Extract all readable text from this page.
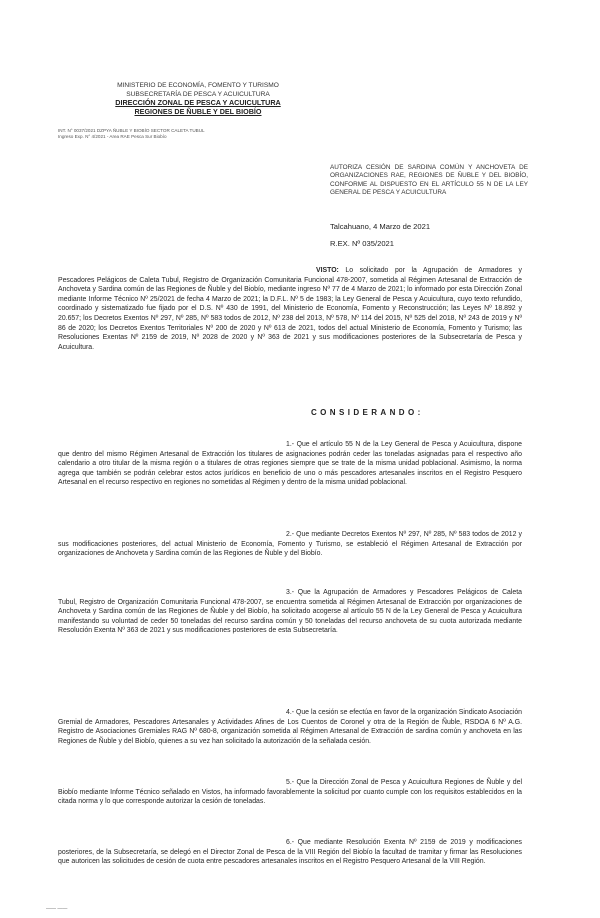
MINISTERIO DE ECONOMÍA, FOMENTO Y TURISMO
SUBSECRETARÍA DE PESCA Y ACUICULTURA
DIRECCIÓN ZONAL DE PESCA Y ACUICULTURA
REGIONES DE ÑUBLE Y DEL BIOBÍO
INT. N° 0037/2021 DZPYA ÑUBLE Y BIOBÍO SECTOR CALETA TUBUL
Ingreso Exp. N° 4/2021 - Area RAE Pesca Sur Biobío
AUTORIZA CESIÓN DE SARDINA COMÚN Y ANCHOVETA DE ORGANIZACIONES RAE, REGIONES DE ÑUBLE Y DEL BIOBÍO, CONFORME AL DISPUESTO EN EL ARTÍCULO 55 N DE LA LEY GENERAL DE PESCA Y ACUICULTURA
Talcahuano, 4 Marzo de 2021
R.EX. Nº 035/2021
VISTO: Lo solicitado por la Agrupación de Armadores y Pescadores Pelágicos de Caleta Tubul, Registro de Organización Comunitaria Funcional 478-2007, sometida al Régimen Artesanal de Extracción de Anchoveta y Sardina común de las Regiones de Ñuble y del Biobío, mediante ingreso Nº 77 de 4 Marzo de 2021; lo informado por esta Dirección Zonal mediante Informe Técnico Nº 25/2021 de fecha 4 Marzo de 2021; la D.F.L. Nº 5 de 1983; la Ley General de Pesca y Acuicultura, cuyo texto refundido, coordinado y sistematizado fue fijado por el D.S. Nº 430 de 1991, del Ministerio de Economía, Fomento y Reconstrucción; las Leyes Nº 18.892 y 20.657; los Decretos Exentos Nº 297, Nº 285, Nº 583 todos de 2012, Nº 238 del 2013, Nº 578, Nº 114 del 2015, Nº 525 del 2018, Nº 243 de 2019 y Nº 86 de 2020; los Decretos Exentos Territoriales Nº 200 de 2020 y Nº 613 de 2021, todos del actual Ministerio de Economía, Fomento y Turismo; las Resoluciones Exentas Nº 2159 de 2019, Nº 2028 de 2020 y Nº 363 de 2021 y sus modificaciones posteriores de la Subsecretaría de Pesca y Acuicultura.
CONSIDERANDO:
1.- Que el artículo 55 N de la Ley General de Pesca y Acuicultura, dispone que dentro del mismo Régimen Artesanal de Extracción los titulares de asignaciones podrán ceder las toneladas asignadas para el respectivo año calendario a otro titular de la misma región o a titulares de otras regiones siempre que se trate de la misma unidad poblacional. Asimismo, la norma agrega que también se podrán celebrar estos actos jurídicos en beneficio de uno o más pescadores artesanales inscritos en el Registro Pesquero Artesanal en el recurso respectivo en regiones no sometidas al Régimen y dentro de la misma unidad poblacional.
2.- Que mediante Decretos Exentos Nº 297, Nº 285, Nº 583 todos de 2012 y sus modificaciones posteriores, del actual Ministerio de Economía, Fomento y Turismo, se estableció el Régimen Artesanal de Extracción por organizaciones de Anchoveta y Sardina común de las Regiones de Ñuble y del Biobío.
3.- Que la Agrupación de Armadores y Pescadores Pelágicos de Caleta Tubul, Registro de Organización Comunitaria Funcional 478-2007, se encuentra sometida al Régimen Artesanal de Extracción por organizaciones de Anchoveta y Sardina común de las Regiones de Ñuble y del Biobío, ha solicitado acogerse al artículo 55 N de la Ley General de Pesca y Acuicultura manifestando su voluntad de ceder 50 toneladas del recurso sardina común y 50 toneladas del recurso anchoveta de su cuota autorizada mediante Resolución Exenta Nº 363 de 2021 y sus modificaciones posteriores de esta Subsecretaría.
4.- Que la cesión se efectúa en favor de la organización Sindicato Asociación Gremial de Armadores, Pescadores Artesanales y Actividades Afines de Los Cuentos de Coronel y otra de la Región de Ñuble, RSDOA 6 Nº A.G. Registro de Asociaciones Gremiales RAG Nº 680-8, organización sometida al Régimen Artesanal de Extracción de sardina común y anchoveta en las Regiones de Ñuble y del Biobío, quienes a su vez han solicitado la autorización de la señalada cesión.
5.- Que la Dirección Zonal de Pesca y Acuicultura Regiones de Ñuble y del Biobío mediante Informe Técnico señalado en Vistos, ha informado favorablemente la solicitud por cuanto cumple con los requisitos establecidos en la citada norma y lo que corresponde autorizar la cesión de toneladas.
6.- Que mediante Resolución Exenta Nº 2159 de 2019 y modificaciones posteriores, de la Subsecretaría, se delegó en el Director Zonal de Pesca de la VIII Región del Biobío la facultad de tramitar y firmar las Resoluciones que autoricen las solicitudes de cesión de cuota entre pescadores artesanales inscritos en el Registro Pesquero Artesanal de la VIII Región.
—— ——
